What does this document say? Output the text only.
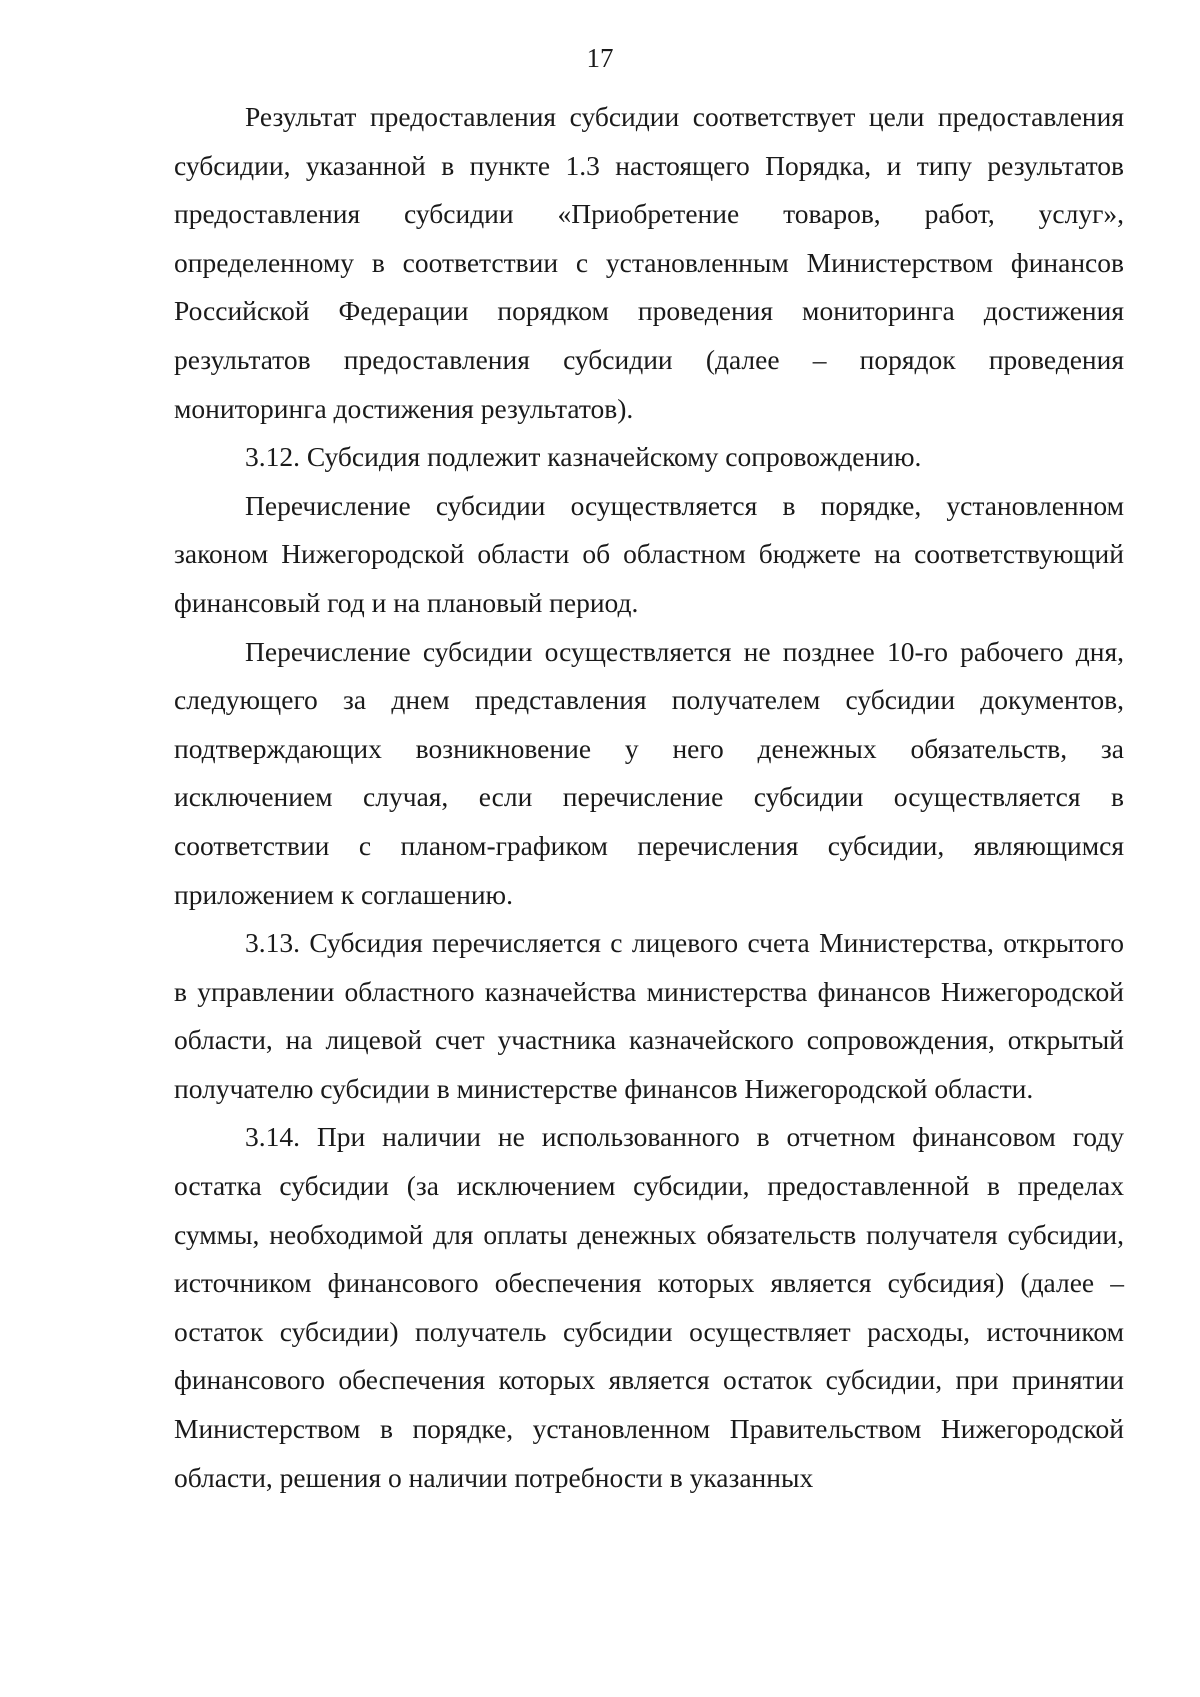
17

Результат предоставления субсидии соответствует цели предоставления субсидии, указанной в пункте 1.3 настоящего Порядка, и типу результатов предоставления субсидии «Приобретение товаров, работ, услуг», определенному в соответствии с установленным Министерством финансов Российской Федерации порядком проведения мониторинга достижения результатов предоставления субсидии (далее – порядок проведения мониторинга достижения результатов).

3.12. Субсидия подлежит казначейскому сопровождению.

Перечисление субсидии осуществляется в порядке, установленном законом Нижегородской области об областном бюджете на соответствующий финансовый год и на плановый период.

Перечисление субсидии осуществляется не позднее 10-го рабочего дня, следующего за днем представления получателем субсидии документов, подтверждающих возникновение у него денежных обязательств, за исключением случая, если перечисление субсидии осуществляется в соответствии с планом-графиком перечисления субсидии, являющимся приложением к соглашению.

3.13. Субсидия перечисляется с лицевого счета Министерства, открытого в управлении областного казначейства министерства финансов Нижегородской области, на лицевой счет участника казначейского сопровождения, открытый получателю субсидии в министерстве финансов Нижегородской области.

3.14. При наличии не использованного в отчетном финансовом году остатка субсидии (за исключением субсидии, предоставленной в пределах суммы, необходимой для оплаты денежных обязательств получателя субсидии, источником финансового обеспечения которых является субсидия) (далее – остаток субсидии) получатель субсидии осуществляет расходы, источником финансового обеспечения которых является остаток субсидии, при принятии Министерством в порядке, установленном Правительством Нижегородской области, решения о наличии потребности в указанных
